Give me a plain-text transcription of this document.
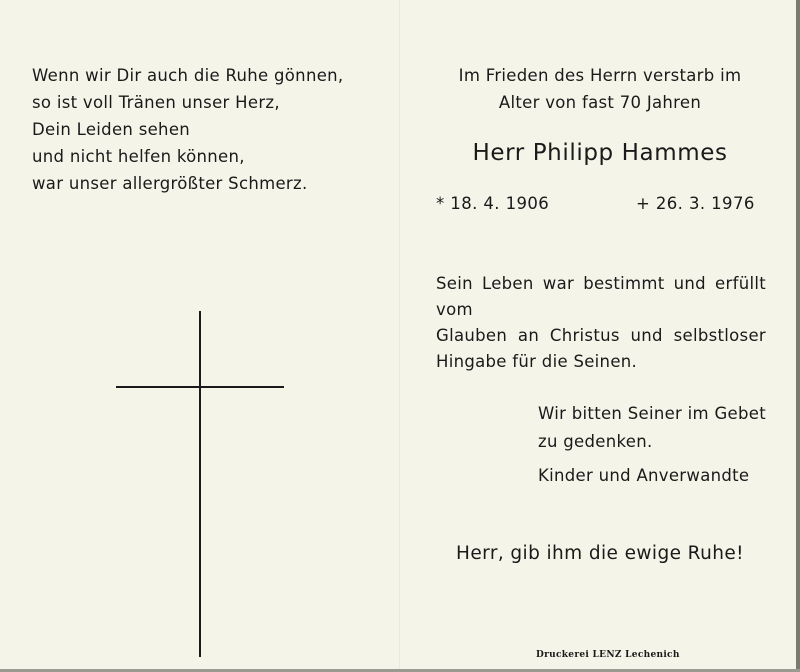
Wenn wir Dir auch die Ruhe gönnen,
so ist voll Tränen unser Herz,
Dein Leiden sehen
und nicht helfen können,
war unser allergrößter Schmerz.
Im Frieden des Herrn verstarb im
Alter von fast 70 Jahren
Herr Philipp Hammes
* 18. 4. 1906	+ 26. 3. 1976
Sein Leben war bestimmt und erfüllt vom
Glauben an Christus und selbstloser
Hingabe für die Seinen.
Wir bitten Seiner im Gebet
zu gedenken.
Kinder und Anverwandte
Herr, gib ihm die ewige Ruhe!
Druckerei LENZ Lechenich
